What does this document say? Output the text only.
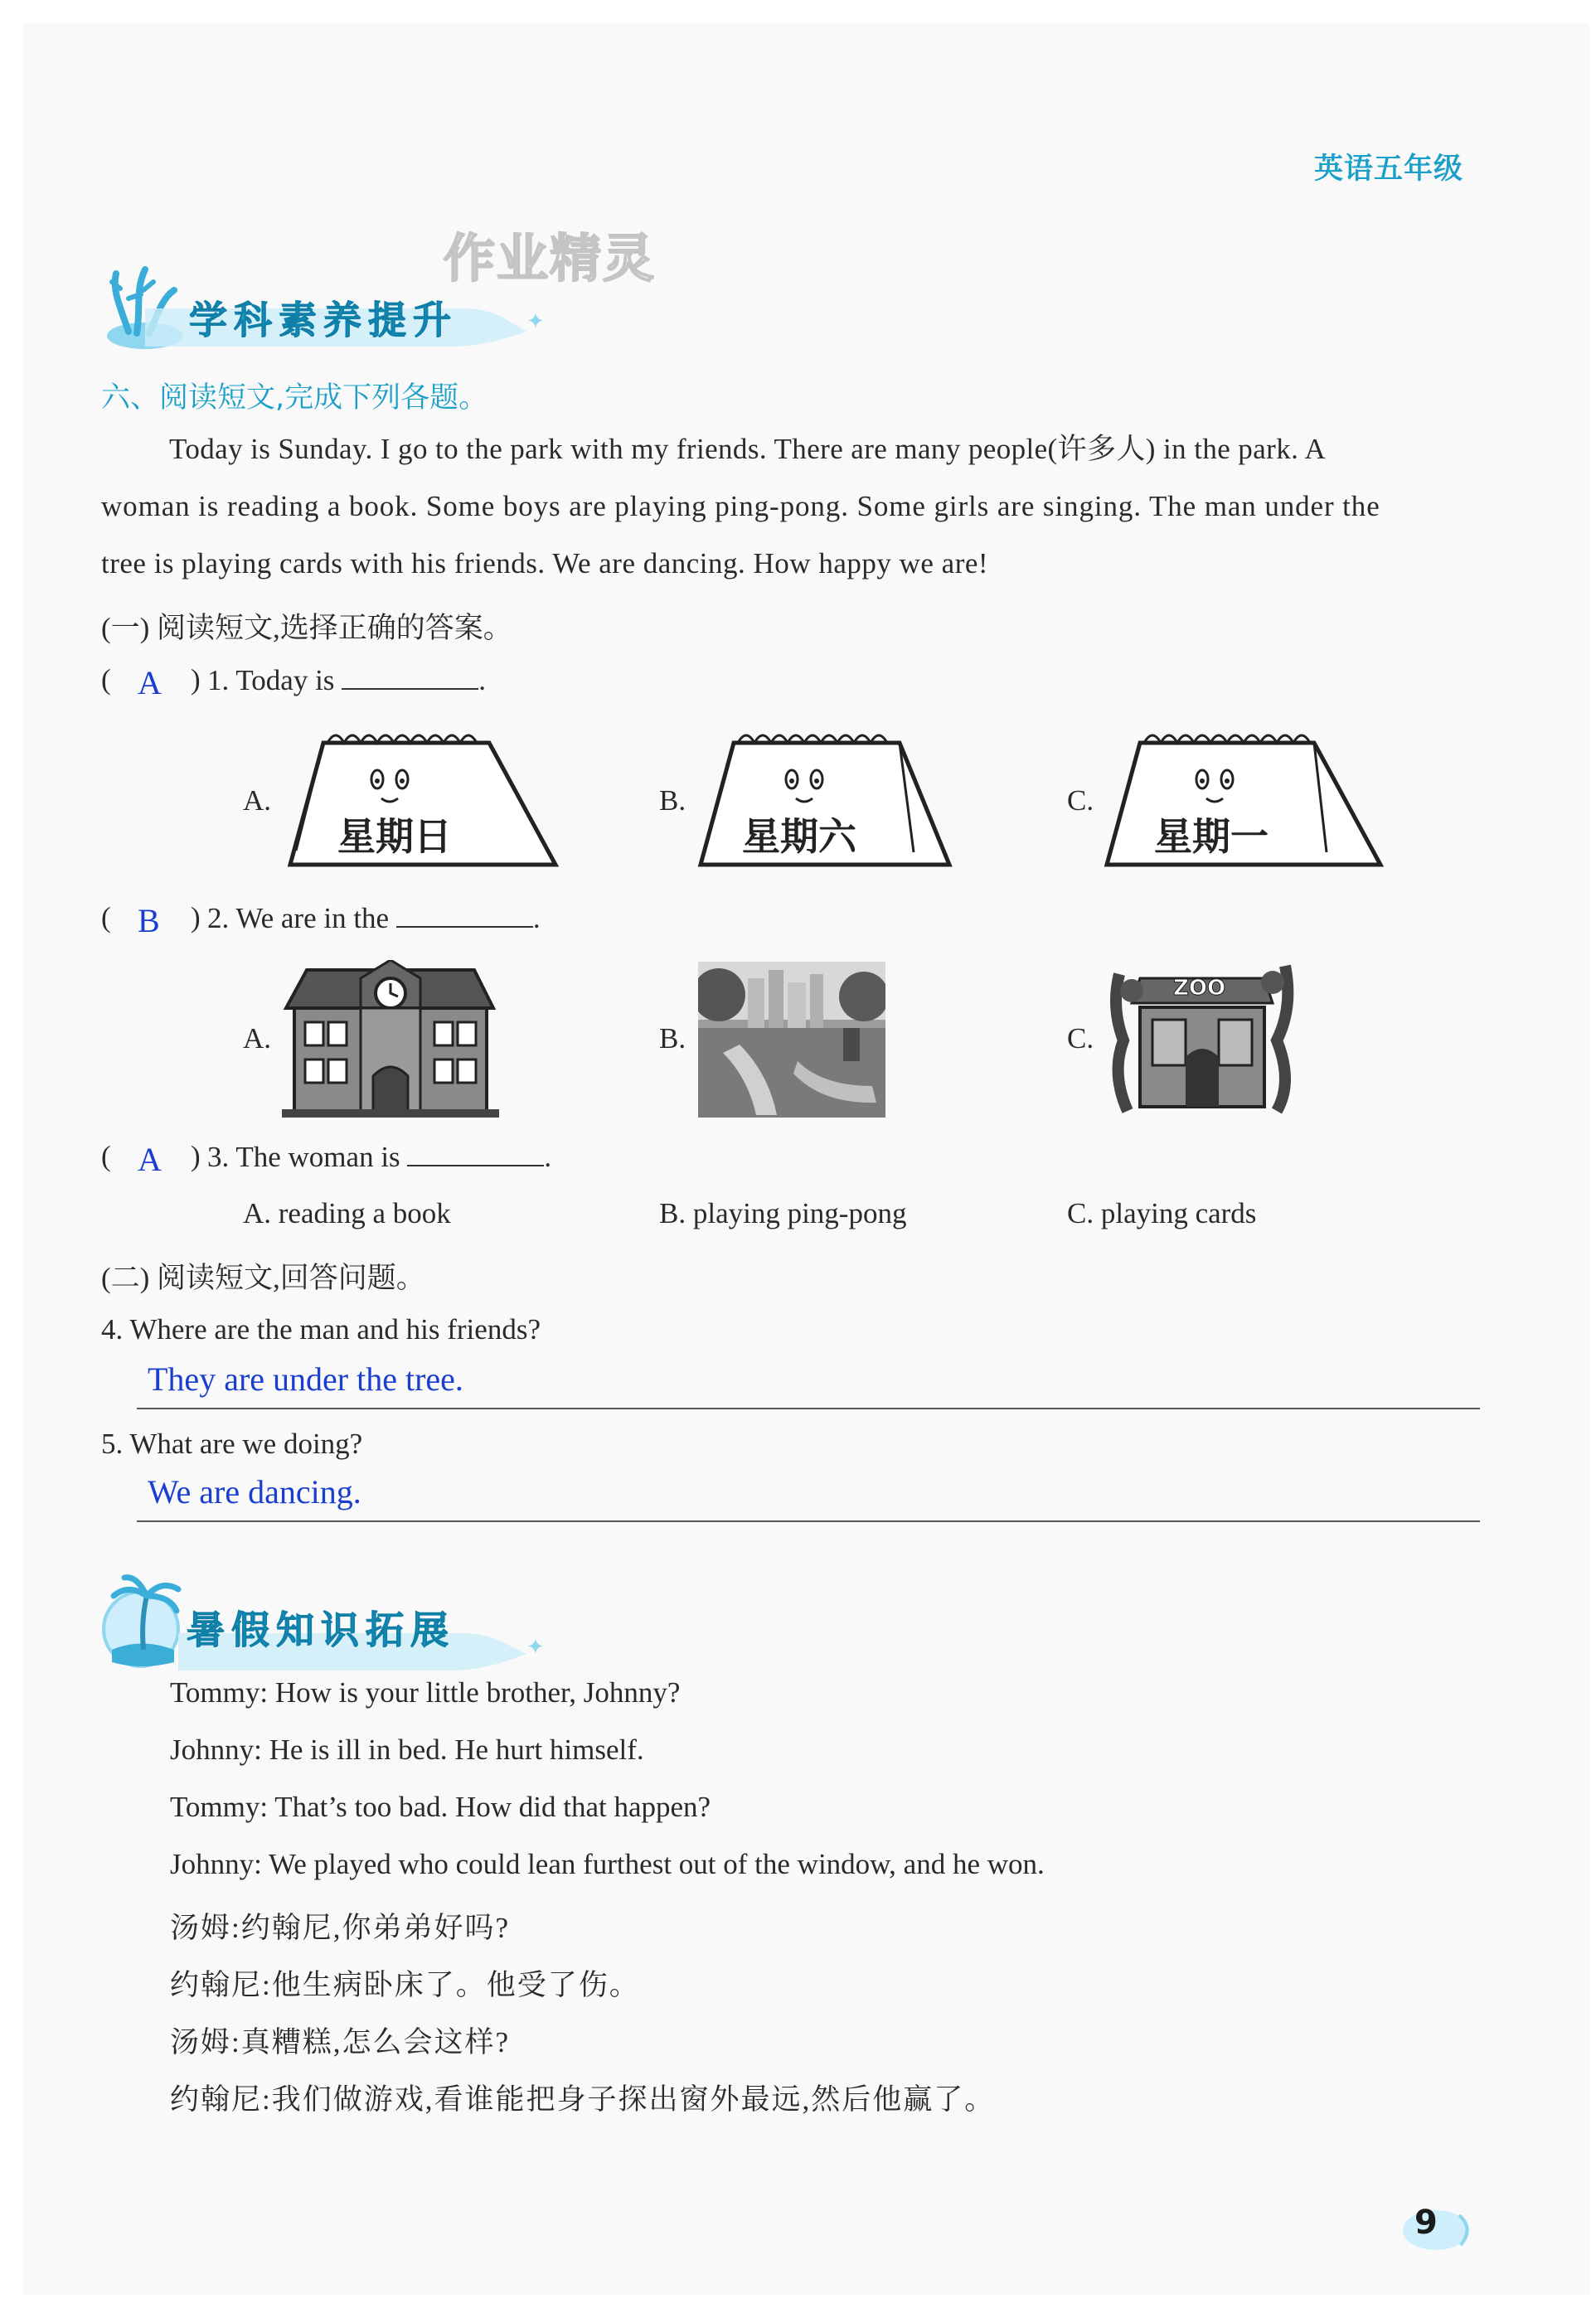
英语五年级
作业精灵
✦
学科素养提升
六、阅读短文,完成下列各题。
Today is Sunday. I go to the park with my friends. There are many people(许多人) in the park. A
woman is reading a book. Some boys are playing ping-pong. Some girls are singing. The man under the
tree is playing cards with his friends. We are dancing. How happy we are!
(一) 阅读短文,选择正确的答案。
( A ) 1. Today is	.
A.	B.	C.
星期日	星期六	星期一
( B ) 2. We are in the	.
A.	B.	C.
ZOO
( A ) 3. The woman is	.
A. reading a book	B. playing ping-pong	C. playing cards
(二) 阅读短文,回答问题。
4. Where are the man and his friends?
They are under the tree.
5. What are we doing?
We are dancing.
✦
暑假知识拓展
Tommy: How is your little brother, Johnny?
Johnny: He is ill in bed. He hurt himself.
Tommy: That’s too bad. How did that happen?
Johnny: We played who could lean furthest out of the window, and he won.
汤姆:约翰尼,你弟弟好吗?
约翰尼:他生病卧床了。他受了伤。
汤姆:真糟糕,怎么会这样?
约翰尼:我们做游戏,看谁能把身子探出窗外最远,然后他赢了。
9
